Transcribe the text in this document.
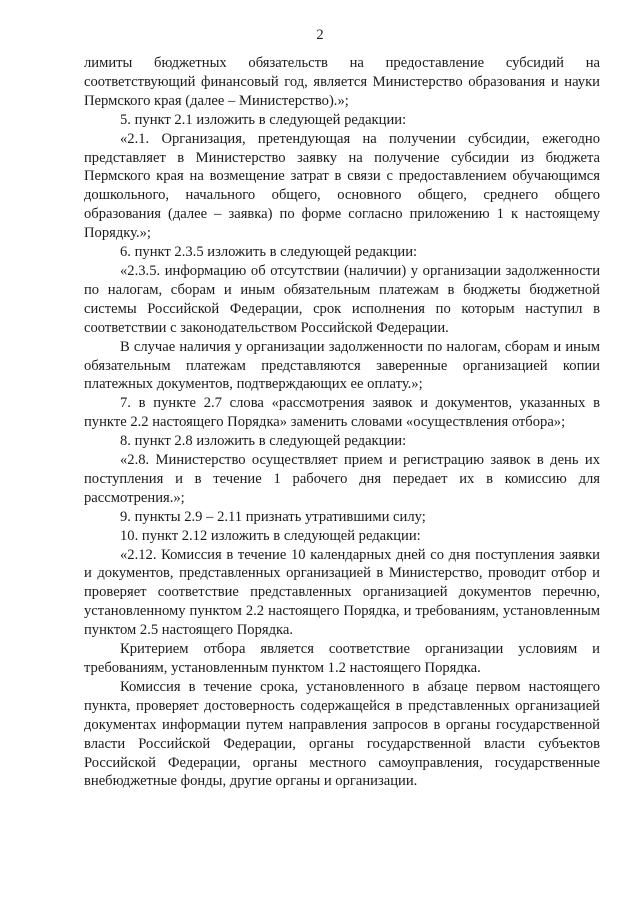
2

лимиты бюджетных обязательств на предоставление субсидий на соответствующий финансовый год, является Министерство образования и науки Пермского края (далее – Министерство).»;

5. пункт 2.1 изложить в следующей редакции:

«2.1. Организация, претендующая на получении субсидии, ежегодно представляет в Министерство заявку на получение субсидии из бюджета Пермского края на возмещение затрат в связи с предоставлением обучающимся дошкольного, начального общего, основного общего, среднего общего образования (далее – заявка) по форме согласно приложению 1 к настоящему Порядку.»;

6. пункт 2.3.5 изложить в следующей редакции:

«2.3.5. информацию об отсутствии (наличии) у организации задолженности по налогам, сборам и иным обязательным платежам в бюджеты бюджетной системы Российской Федерации, срок исполнения по которым наступил в соответствии с законодательством Российской Федерации.

В случае наличия у организации задолженности по налогам, сборам и иным обязательным платежам представляются заверенные организацией копии платежных документов, подтверждающих ее оплату.»;

7. в пункте 2.7 слова «рассмотрения заявок и документов, указанных в пункте 2.2 настоящего Порядка» заменить словами «осуществления отбора»;

8. пункт 2.8 изложить в следующей редакции:

«2.8. Министерство осуществляет прием и регистрацию заявок в день их поступления и в течение 1 рабочего дня передает их в комиссию для рассмотрения.»;

9. пункты 2.9 – 2.11 признать утратившими силу;

10. пункт 2.12 изложить в следующей редакции:

«2.12. Комиссия в течение 10 календарных дней со дня поступления заявки и документов, представленных организацией в Министерство, проводит отбор и проверяет соответствие представленных организацией документов перечню, установленному пунктом 2.2 настоящего Порядка, и требованиям, установленным пунктом 2.5 настоящего Порядка.

Критерием отбора является соответствие организации условиям и требованиям, установленным пунктом 1.2 настоящего Порядка.

Комиссия в течение срока, установленного в абзаце первом настоящего пункта, проверяет достоверность содержащейся в представленных организацией документах информации путем направления запросов в органы государственной власти Российской Федерации, органы государственной власти субъектов Российской Федерации, органы местного самоуправления, государственные внебюджетные фонды, другие органы и организации.
